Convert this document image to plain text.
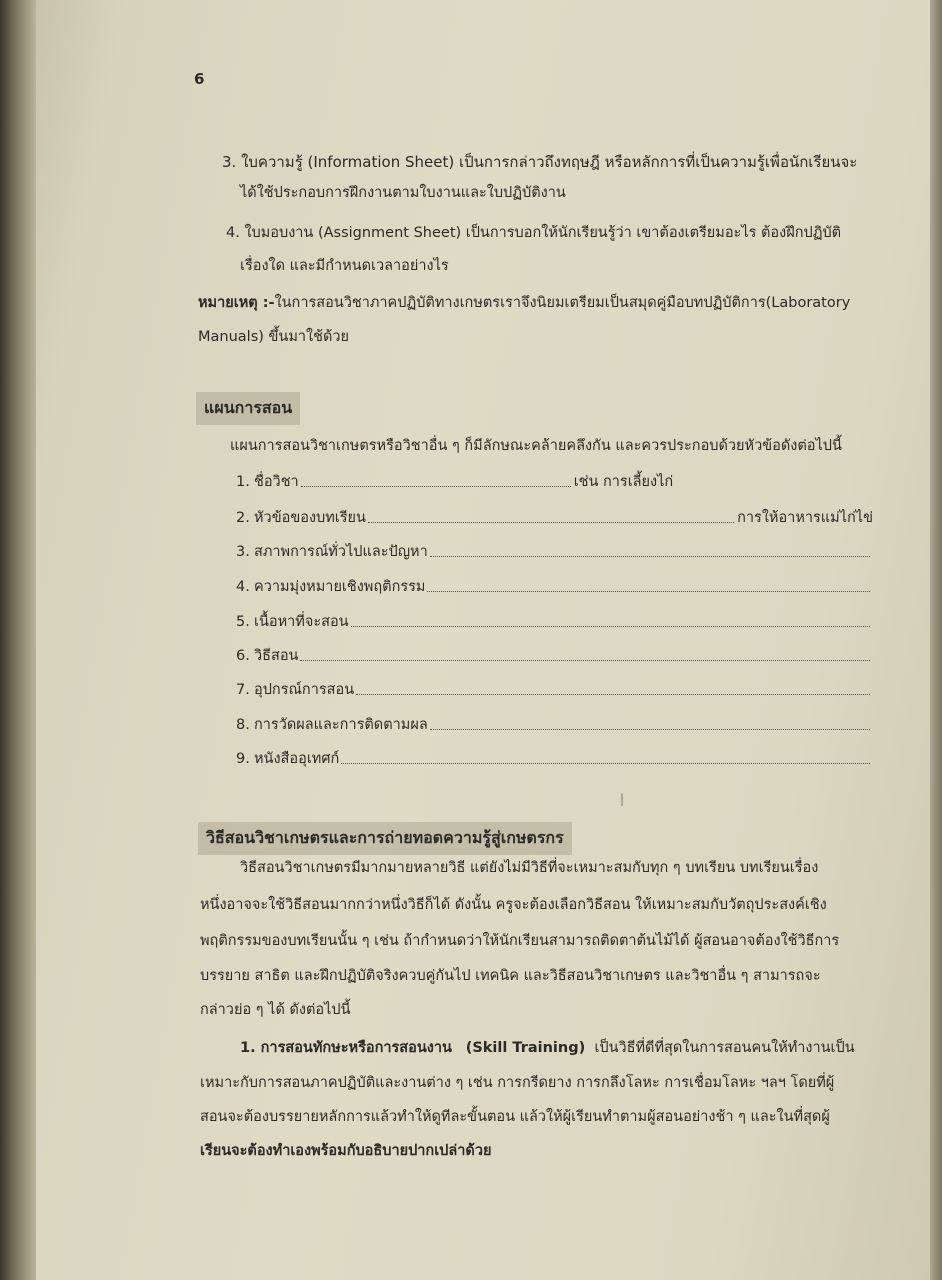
6
3. ใบความรู้ (Information Sheet) เป็นการกล่าวถึงทฤษฎี หรือหลักการที่เป็นความรู้เพื่อนักเรียนจะ
ได้ใช้ประกอบการฝึกงานตามใบงานและใบปฏิบัติงาน
4. ใบมอบงาน (Assignment Sheet) เป็นการบอกให้นักเรียนรู้ว่า เขาต้องเตรียมอะไร ต้องฝึกปฏิบัติ
เรื่องใด และมีกำหนดเวลาอย่างไร
หมายเหตุ :-ในการสอนวิชาภาคปฏิบัติทางเกษตรเราจึงนิยมเตรียมเป็นสมุดคู่มือบทปฏิบัติการ(Laboratory
Manuals) ขึ้นมาใช้ด้วย
แผนการสอน
แผนการสอนวิชาเกษตรหรือวิชาอื่น ๆ ก็มีลักษณะคล้ายคลึงกัน และควรประกอบด้วยหัวข้อดังต่อไปนี้
1. ชื่อวิชา	เช่น การเลี้ยงไก่
2. หัวข้อของบทเรียน	การให้อาหารแม่ไก่ไข่
3. สภาพการณ์ทั่วไปและปัญหา
4. ความมุ่งหมายเชิงพฤติกรรม
5. เนื้อหาที่จะสอน
6. วิธีสอน
7. อุปกรณ์การสอน
8. การวัดผลและการติดตามผล
9. หนังสืออุเทศก์
|
วิธีสอนวิชาเกษตรและการถ่ายทอดความรู้สู่เกษตรกร
วิธีสอนวิชาเกษตรมีมากมายหลายวิธี แต่ยังไม่มีวิธีที่จะเหมาะสมกับทุก ๆ บทเรียน บทเรียนเรื่อง
หนึ่งอาจจะใช้วิธีสอนมากกว่าหนึ่งวิธีก็ได้ ดังนั้น ครูจะต้องเลือกวิธีสอน ให้เหมาะสมกับวัตถุประสงค์เชิง
พฤติกรรมของบทเรียนนั้น ๆ เช่น ถ้ากำหนดว่าให้นักเรียนสามารถติดตาต้นไม้ได้ ผู้สอนอาจต้องใช้วิธีการ
บรรยาย สาธิต และฝึกปฏิบัติจริงควบคู่กันไป เทคนิค และวิธีสอนวิชาเกษตร และวิชาอื่น ๆ สามารถจะ
กล่าวย่อ ๆ ได้ ดังต่อไปนี้
1. การสอนทักษะหรือการสอนงาน (Skill Training) เป็นวิธีที่ดีที่สุดในการสอนคนให้ทำงานเป็น
เหมาะกับการสอนภาคปฏิบัติและงานต่าง ๆ เช่น การกรีดยาง การกลึงโลหะ การเชื่อมโลหะ ฯลฯ โดยที่ผู้
สอนจะต้องบรรยายหลักการแล้วทำให้ดูทีละขั้นตอน แล้วให้ผู้เรียนทำตามผู้สอนอย่างช้า ๆ และในที่สุดผู้
เรียนจะต้องทำเองพร้อมกับอธิบายปากเปล่าด้วย
